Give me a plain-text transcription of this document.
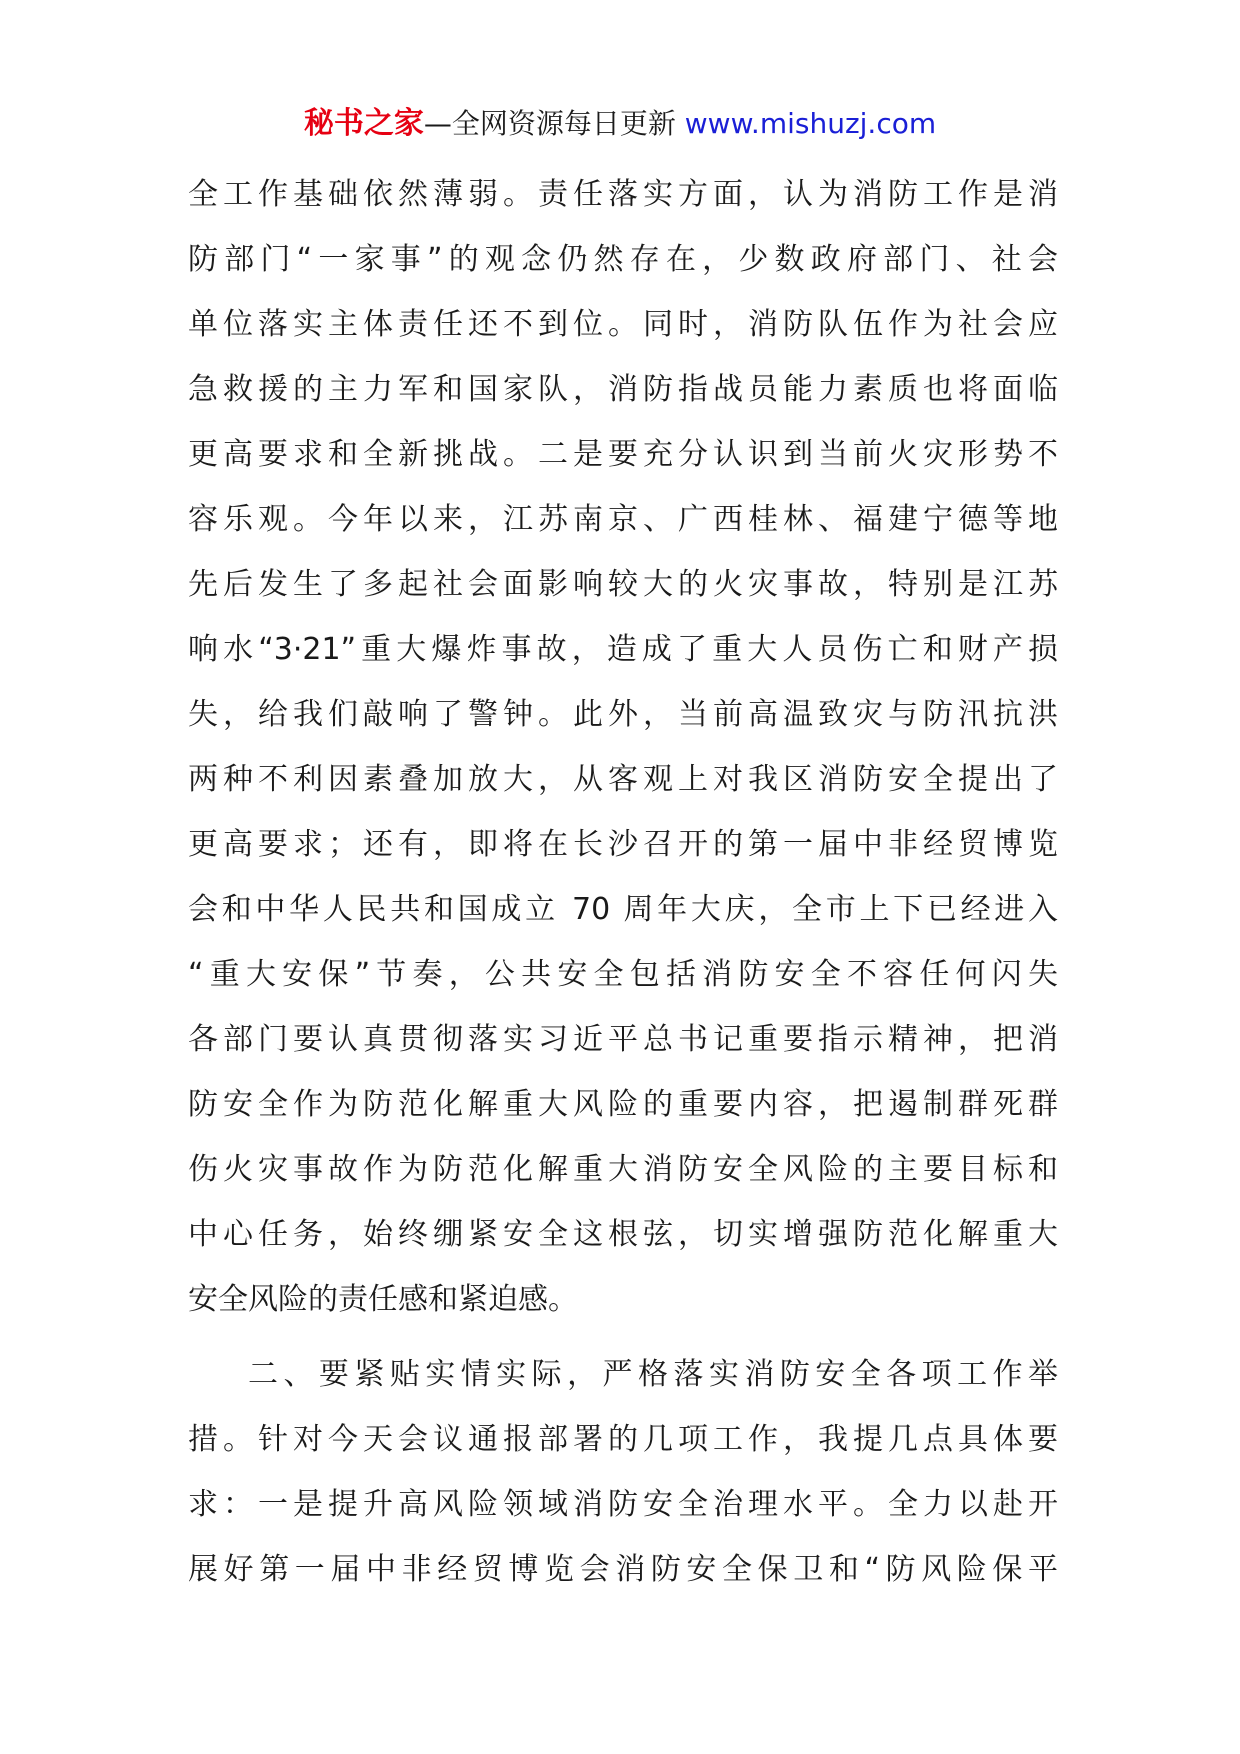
秘书之家—全网资源每日更新 www.mishuzj.com
全工作基础依然薄弱。责任落实方面，认为消防工作是消
防部门“一家事”的观念仍然存在，少数政府部门、社会
单位落实主体责任还不到位。同时，消防队伍作为社会应
急救援的主力军和国家队，消防指战员能力素质也将面临
更高要求和全新挑战。二是要充分认识到当前火灾形势不
容乐观。今年以来，江苏南京、广西桂林、福建宁德等地
先后发生了多起社会面影响较大的火灾事故，特别是江苏
响水“3·21”重大爆炸事故，造成了重大人员伤亡和财产损
失，给我们敲响了警钟。此外，当前高温致灾与防汛抗洪
两种不利因素叠加放大，从客观上对我区消防安全提出了
更高要求；还有，即将在长沙召开的第一届中非经贸博览
会和中华人民共和国成立 70 周年大庆，全市上下已经进入
“重大安保”节奏，公共安全包括消防安全不容任何闪失
各部门要认真贯彻落实习近平总书记重要指示精神，把消
防安全作为防范化解重大风险的重要内容，把遏制群死群
伤火灾事故作为防范化解重大消防安全风险的主要目标和
中心任务，始终绷紧安全这根弦，切实增强防范化解重大
安全风险的责任感和紧迫感。
二、要紧贴实情实际，严格落实消防安全各项工作举
措。针对今天会议通报部署的几项工作，我提几点具体要
求：一是提升高风险领域消防安全治理水平。全力以赴开
展好第一届中非经贸博览会消防安全保卫和“防风险保平
